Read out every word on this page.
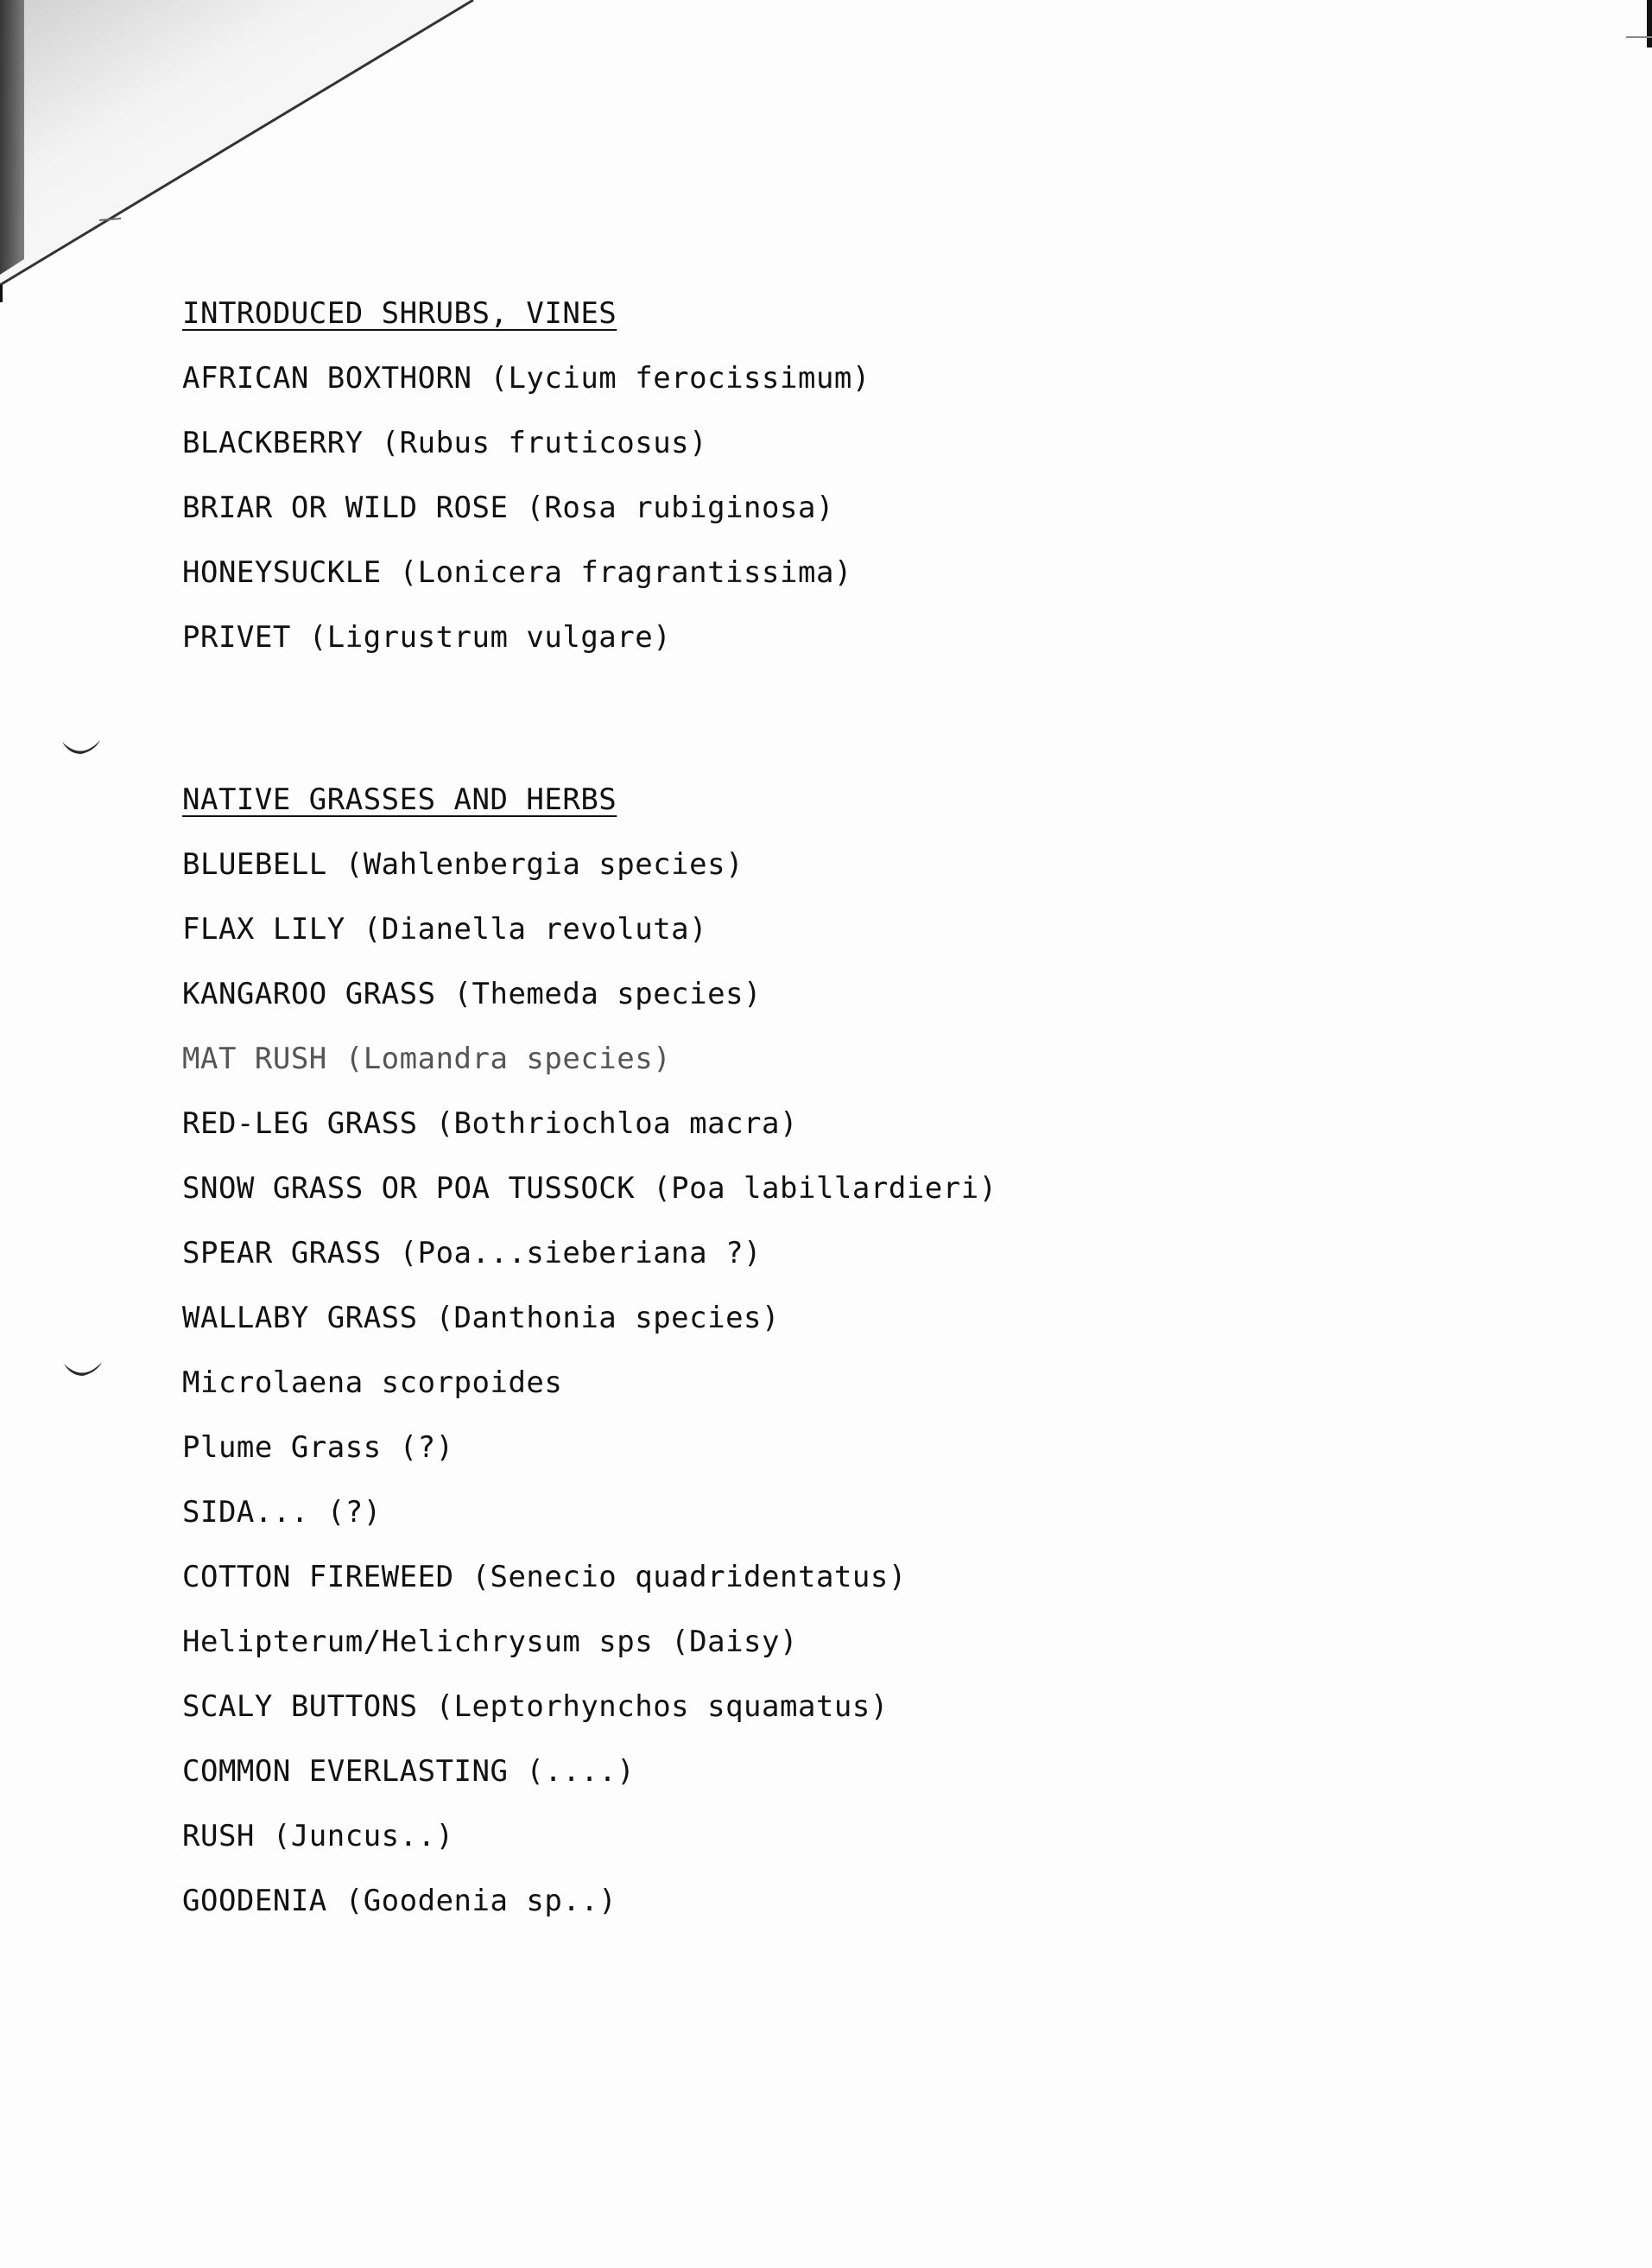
INTRODUCED SHRUBS, VINES
AFRICAN BOXTHORN (Lycium ferocissimum)
BLACKBERRY (Rubus fruticosus)
BRIAR OR WILD ROSE (Rosa rubiginosa)
HONEYSUCKLE (Lonicera fragrantissima)
PRIVET (Ligrustrum vulgare)
NATIVE GRASSES AND HERBS
BLUEBELL (Wahlenbergia species)
FLAX LILY (Dianella revoluta)
KANGAROO GRASS (Themeda species)
MAT RUSH (Lomandra species)
RED-LEG GRASS (Bothriochloa macra)
SNOW GRASS OR POA TUSSOCK (Poa labillardieri)
SPEAR GRASS (Poa...sieberiana ?)
WALLABY GRASS (Danthonia species)
Microlaena scorpoides
Plume Grass (?)
SIDA... (?)
COTTON FIREWEED (Senecio quadridentatus)
Helipterum/Helichrysum sps (Daisy)
SCALY BUTTONS (Leptorhynchos squamatus)
COMMON EVERLASTING (....)
RUSH (Juncus..)
GOODENIA (Goodenia sp..)
